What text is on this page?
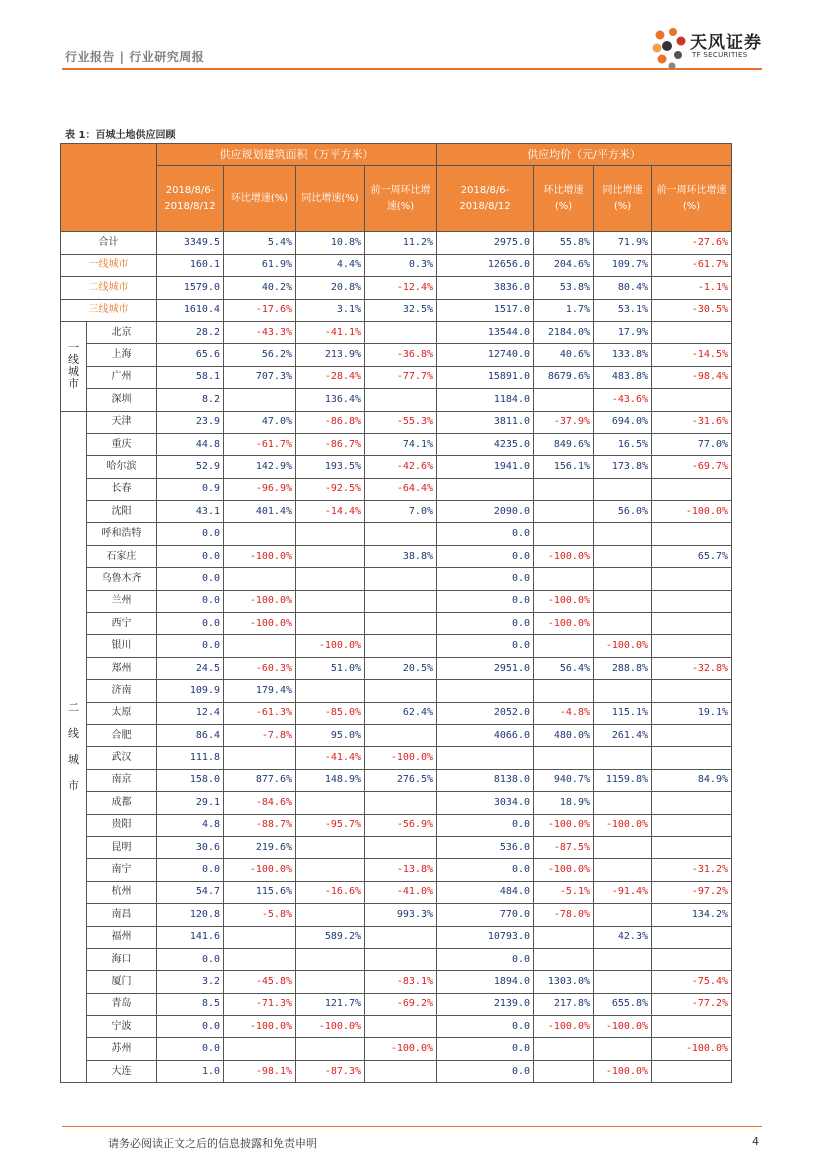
行业报告 | 行业研究周报
天风证券
TF SECURITIES
表 1：百城土地供应回顾
		供应规划建筑面积（万平方米）				供应均价（元/平方米）			
		2018/8/6-2018/8/12	环比增速(%)	同比增速(%)	前一周环比增速(%)	2018/8/6-2018/8/12	环比增速(%)	同比增速(%)	前一周环比增速(%)
合计		3349.5	5.4%	10.8%	11.2%	2975.0	55.8%	71.9%	-27.6%
一线城市		160.1	61.9%	4.4%	0.3%	12656.0	204.6%	109.7%	-61.7%
二线城市		1579.0	40.2%	20.8%	-12.4%	3836.0	53.8%	80.4%	-1.1%
三线城市		1610.4	-17.6%	3.1%	32.5%	1517.0	1.7%	53.1%	-30.5%

一
线
城
市	北京	28.2	-43.3%	-41.1%		13544.0	2184.0%	17.9%	
	上海	65.6	56.2%	213.9%	-36.8%	12740.0	40.6%	133.8%	-14.5%
	广州	58.1	707.3%	-28.4%	-77.7%	15891.0	8679.6%	483.8%	-98.4%
	深圳	8.2		136.4%		1184.0		-43.6%	

二
线
城
市	天津	23.9	47.0%	-86.8%	-55.3%	3811.0	-37.9%	694.0%	-31.6%
	重庆	44.8	-61.7%	-86.7%	74.1%	4235.0	849.6%	16.5%	77.0%
	哈尔滨	52.9	142.9%	193.5%	-42.6%	1941.0	156.1%	173.8%	-69.7%
	长春	0.9	-96.9%	-92.5%	-64.4%				
	沈阳	43.1	401.4%	-14.4%	7.0%	2090.0		56.0%	-100.0%
	呼和浩特	0.0				0.0			
	石家庄	0.0	-100.0%		38.8%	0.0	-100.0%		65.7%
	乌鲁木齐	0.0				0.0			
	兰州	0.0	-100.0%			0.0	-100.0%		
	西宁	0.0	-100.0%			0.0	-100.0%		
	银川	0.0		-100.0%		0.0		-100.0%	
	郑州	24.5	-60.3%	51.0%	20.5%	2951.0	56.4%	288.8%	-32.8%
	济南	109.9	179.4%						
	太原	12.4	-61.3%	-85.0%	62.4%	2052.0	-4.8%	115.1%	19.1%
	合肥	86.4	-7.8%	95.0%		4066.0	480.0%	261.4%	
	武汉	111.8		-41.4%	-100.0%				
	南京	158.0	877.6%	148.9%	276.5%	8138.0	940.7%	1159.8%	84.9%
	成都	29.1	-84.6%			3034.0	18.9%		
	贵阳	4.8	-88.7%	-95.7%	-56.9%	0.0	-100.0%	-100.0%	
	昆明	30.6	219.6%			536.0	-87.5%		
	南宁	0.0	-100.0%		-13.8%	0.0	-100.0%		-31.2%
	杭州	54.7	115.6%	-16.6%	-41.0%	484.0	-5.1%	-91.4%	-97.2%
	南昌	120.8	-5.8%		993.3%	770.0	-78.0%		134.2%
	福州	141.6		589.2%		10793.0		42.3%	
	海口	0.0				0.0			
	厦门	3.2	-45.8%		-83.1%	1894.0	1303.0%		-75.4%
	青岛	8.5	-71.3%	121.7%	-69.2%	2139.0	217.8%	655.8%	-77.2%
	宁波	0.0	-100.0%	-100.0%		0.0	-100.0%	-100.0%	
	苏州	0.0			-100.0%	0.0			-100.0%
	大连	1.0	-98.1%	-87.3%		0.0		-100.0%	
请务必阅读正文之后的信息披露和免责申明	4
